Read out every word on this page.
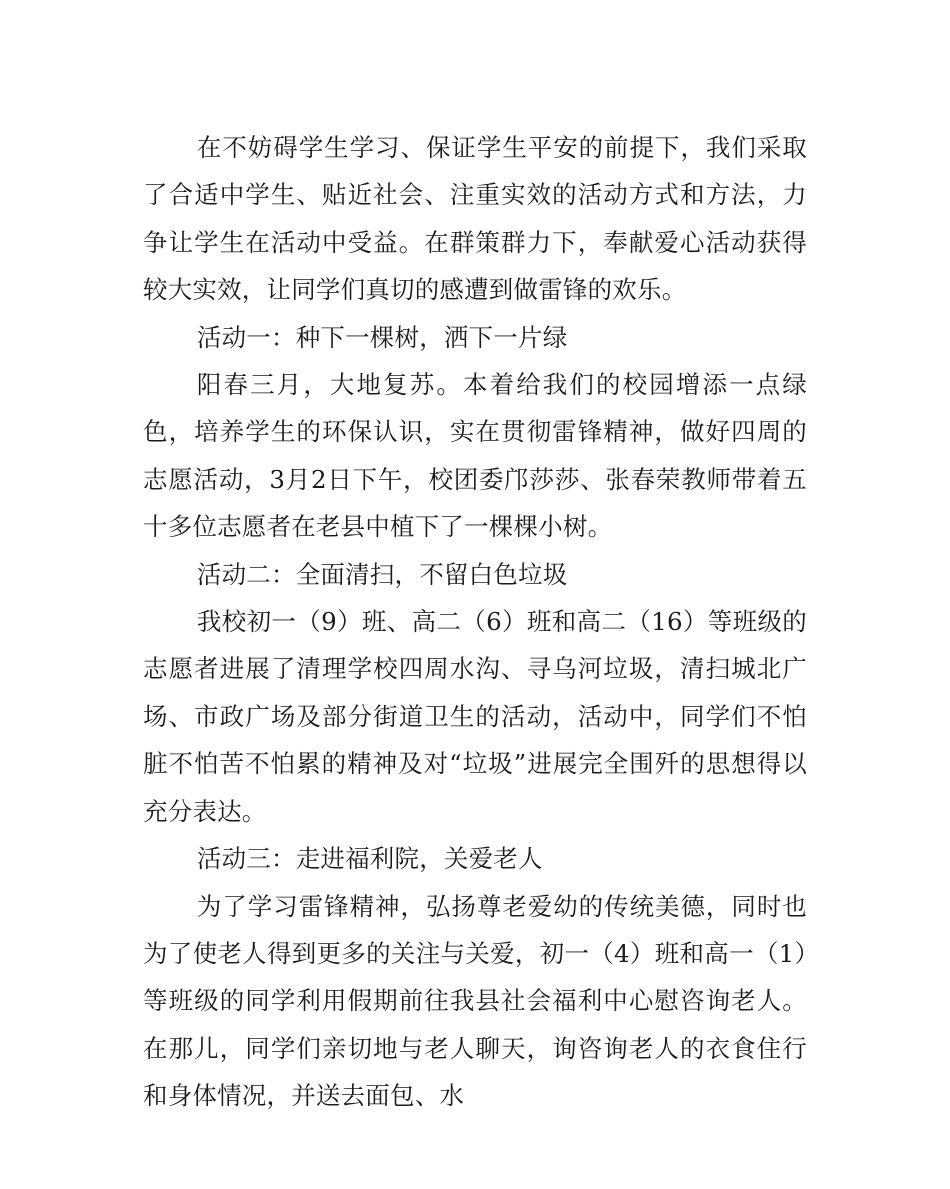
在不妨碍学生学习、保证学生平安的前提下，我们采取了合适中学生、贴近社会、注重实效的活动方式和方法，力争让学生在活动中受益。在群策群力下，奉献爱心活动获得较大实效，让同学们真切的感遭到做雷锋的欢乐。

活动一：种下一棵树，洒下一片绿

阳春三月，大地复苏。本着给我们的校园增添一点绿色，培养学生的环保认识，实在贯彻雷锋精神，做好四周的志愿活动，3月2日下午，校团委邝莎莎、张春荣教师带着五十多位志愿者在老县中植下了一棵棵小树。

活动二：全面清扫，不留白色垃圾

我校初一（9）班、高二（6）班和高二（16）等班级的志愿者进展了清理学校四周水沟、寻乌河垃圾，清扫城北广场、市政广场及部分街道卫生的活动，活动中，同学们不怕脏不怕苦不怕累的精神及对“垃圾”进展完全围歼的思想得以充分表达。

活动三：走进福利院，关爱老人

为了学习雷锋精神，弘扬尊老爱幼的传统美德，同时也为了使老人得到更多的关注与关爱，初一（4）班和高一（1）等班级的同学利用假期前往我县社会福利中心慰咨询老人。在那儿，同学们亲切地与老人聊天，询咨询老人的衣食住行和身体情况，并送去面包、水
